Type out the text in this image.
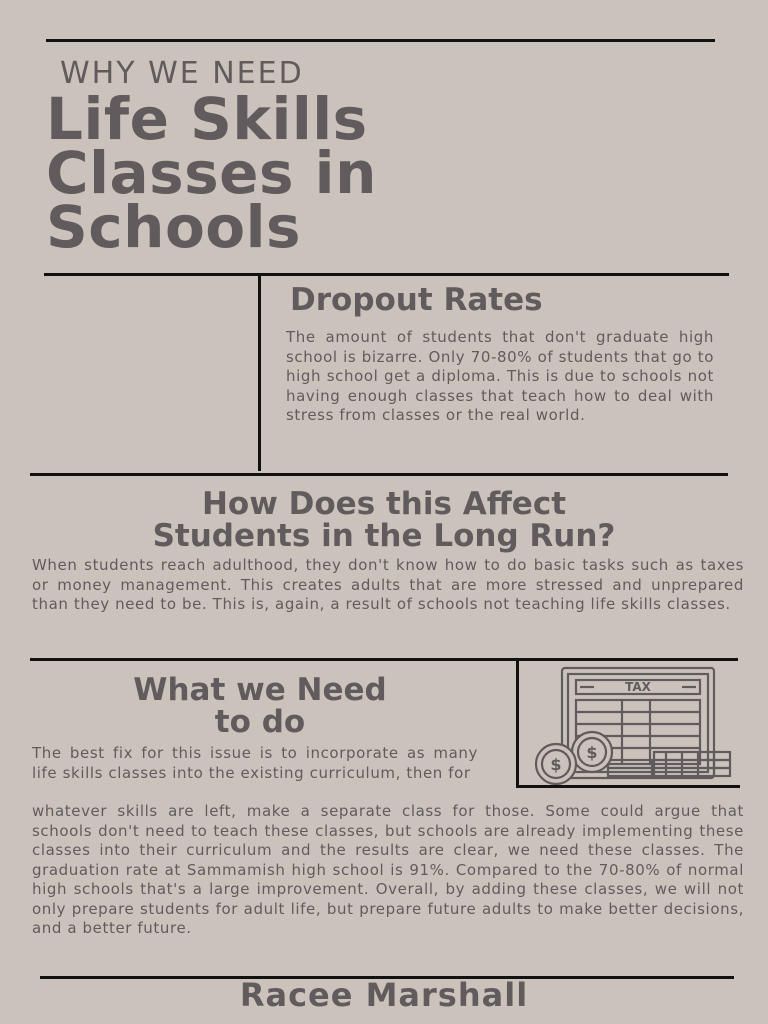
WHY WE NEED
Life Skills
Classes in
Schools
Dropout Rates

The amount of students that don't graduate high school is bizarre. Only 70-80% of students that go to high school get a diploma. This is due to schools not having enough classes that teach how to deal with stress from classes or the real world.

How Does this Affect
Students in the Long Run?

When students reach adulthood, they don't know how to do basic tasks such as taxes or money management. This creates adults that are more stressed and unprepared than they need to be. This is, again, a result of schools not teaching life skills classes.

What we Need
to do
TAX
$
$

The best fix for this issue is to incorporate as many life skills classes into the existing curriculum, then for

whatever skills are left, make a separate class for those. Some could argue that schools don't need to teach these classes, but schools are already implementing these classes into their curriculum and the results are clear, we need these classes. The graduation rate at Sammamish high school is 91%. Compared to the 70-80% of normal high schools that's a large improvement. Overall, by adding these classes, we will not only prepare students for adult life, but prepare future adults to make better decisions, and a better future.

Racee Marshall
